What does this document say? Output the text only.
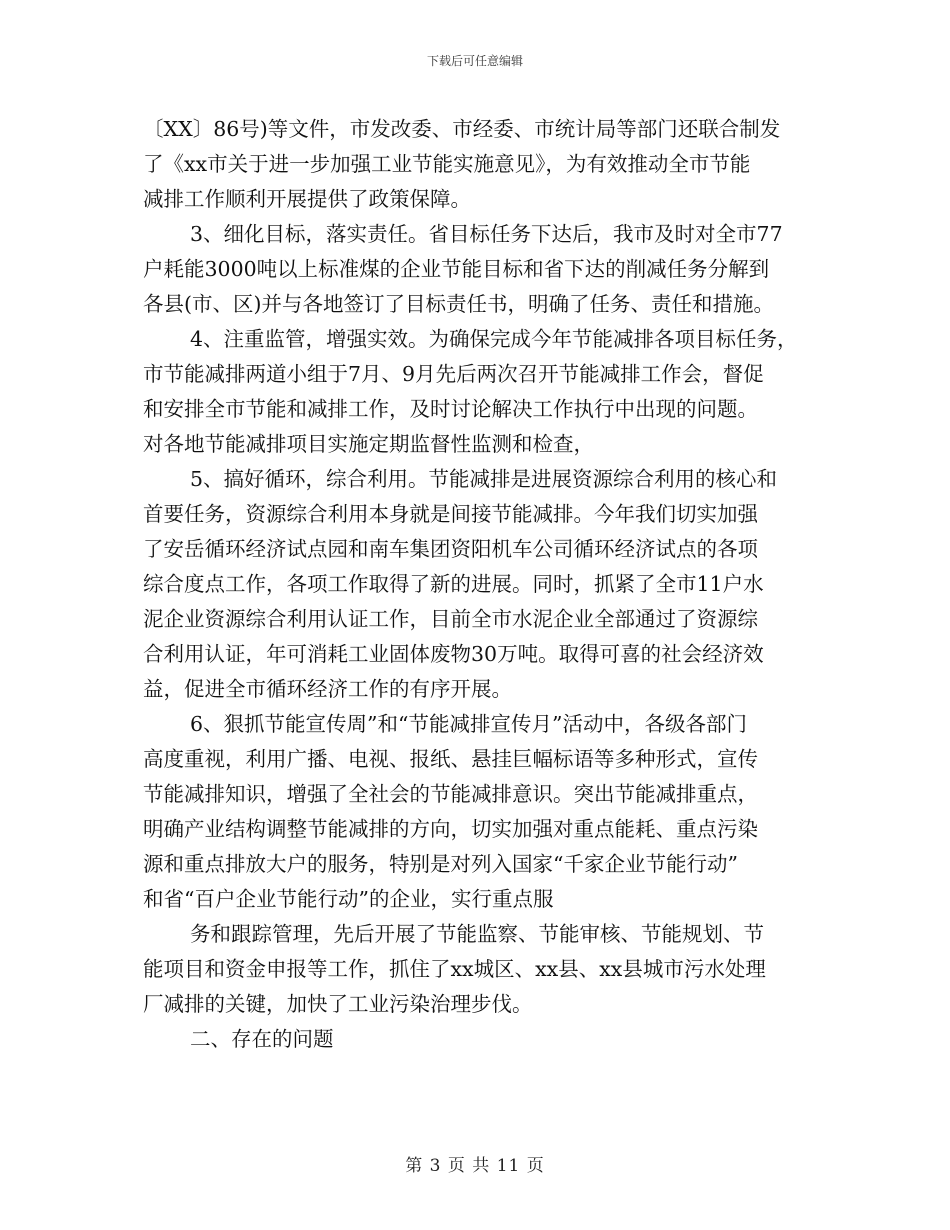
下载后可任意编辑
〔XX〕86号)等文件，市发改委、市经委、市统计局等部门还联合制发
了《xx市关于进一步加强工业节能实施意见》，为有效推动全市节能
减排工作顺利开展提供了政策保障。
3、细化目标，落实责任。省目标任务下达后，我市及时对全市77
户耗能3000吨以上标准煤的企业节能目标和省下达的削减任务分解到
各县(市、区)并与各地签订了目标责任书，明确了任务、责任和措施。
4、注重监管，增强实效。为确保完成今年节能减排各项目标任务，
市节能减排两道小组于7月、9月先后两次召开节能减排工作会，督促
和安排全市节能和减排工作，及时讨论解决工作执行中出现的问题。
对各地节能减排项目实施定期监督性监测和检查，
5、搞好循环，综合利用。节能减排是进展资源综合利用的核心和
首要任务，资源综合利用本身就是间接节能减排。今年我们切实加强
了安岳循环经济试点园和南车集团资阳机车公司循环经济试点的各项
综合度点工作，各项工作取得了新的进展。同时，抓紧了全市11户水
泥企业资源综合利用认证工作，目前全市水泥企业全部通过了资源综
合利用认证，年可消耗工业固体废物30万吨。取得可喜的社会经济效
益，促进全市循环经济工作的有序开展。
6、狠抓节能宣传周”和“节能减排宣传月”活动中，各级各部门
高度重视，利用广播、电视、报纸、悬挂巨幅标语等多种形式，宣传
节能减排知识，增强了全社会的节能减排意识。突出节能减排重点，
明确产业结构调整节能减排的方向，切实加强对重点能耗、重点污染
源和重点排放大户的服务，特别是对列入国家“千家企业节能行动”
和省“百户企业节能行动”的企业，实行重点服
务和跟踪管理，先后开展了节能监察、节能审核、节能规划、节
能项目和资金申报等工作，抓住了xx城区、xx县、xx县城市污水处理
厂减排的关键，加快了工业污染治理步伐。
二、存在的问题
第 3 页 共 11 页
